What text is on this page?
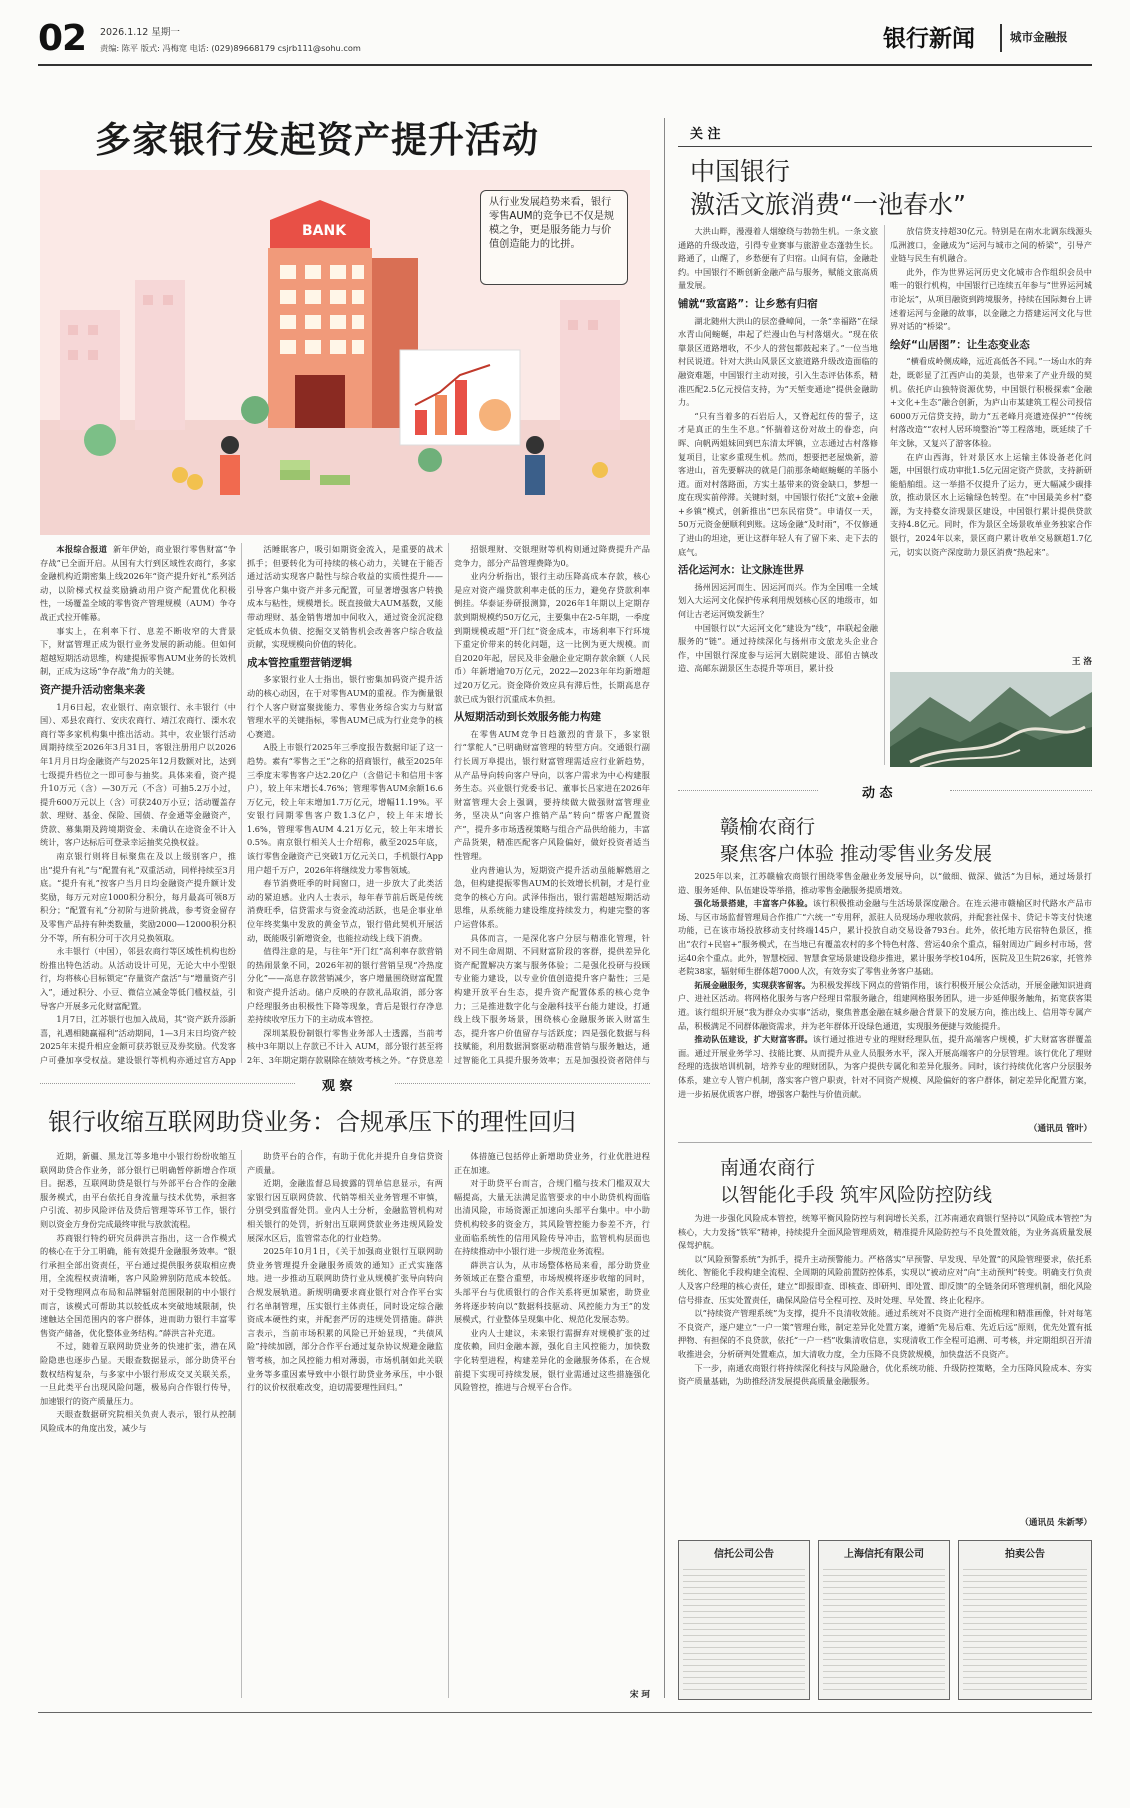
02 2026.1.12 星期一
责编: 陈平 版式: 冯梅宽 电话: (029)89668179 csjrb111@sohu.com	银行新闻	城市金融报
多家银行发起资产提升活动
BANK
从行业发展趋势来看，银行零售AUM的竞争已不仅是规模之争，更是服务能力与价值创造能力的比拼。

本报综合报道 新年伊始，商业银行零售财富“争存战”已全面开启。从国有大行到区域性农商行，多家金融机构近期密集上线2026年“资产提升好礼”系列活动，以阶梯式权益奖励撬动用户资产配置优化积极性，一场覆盖全域的零售资产管理规模（AUM）争夺战正式拉开帷幕。

事实上，在利率下行、息差不断收窄的大背景下，财富管理正成为银行业务发展的新动能。但如何超越短期活动思维，构建提振零售AUM业务的长效机制，正成为这场“争存战”角力的关键。

资产提升活动密集来袭

1月6日起，农业银行、南京银行、永丰银行（中国）、邓县农商行、安庆农商行、靖江农商行、溧水农商行等多家机构集中推出活动。其中，农业银行活动周期持续至2026年3月31日，客银注册用户以2026年1月月日均金融资产与2025年12月数额对比，达到七级提升档位之一即可参与抽奖。具体来看，资产提升10万元（含）—30万元（不含）可抽5.2万小过，提升600万元以上（含）可获240万小豆；活动覆盖存款、理财、基金、保险、国债、存金通等金融资产，贷款、募集期及跨境期资金、未确认在途资金不计入统计，客户达标后可登录幸运抽奖兑换权益。

南京银行则将目标聚焦在及以上级别客户，推出“提升有礼”与“配置有礼”双重活动，同样持续至3月底。“提升有礼”按客户当月日均金融资产提升额计发奖励，每万元对应1000积分积分，每月最高可领8万积分；“配置有礼”分初阶与进阶挑战，参考资金留存及零售产品持有种类数量，奖励2000—12000积分积分不等，所有积分可于次月兑换领取。

永丰银行（中国），邻县农商行等区域性机构也纷纷推出特色活动。从活动设计可见，无论大中小型银行，均将核心目标锁定“存量资产盘活”与“增量资产引入”，通过积分、小豆、微信立减金等低门槛权益，引导客户开展多元化财富配置。

1月7日，江苏银行也加入战局，其“资产跃升添新喜，礼遇相随赢福利”活动期间，1—3月末日均资产较2025年末提升相应金额可获苏银豆及券奖励。代发客户可叠加享受权益。建设银行等机构亦通过官方App

活睡眠客户，吸引如期资金流入，是重要的战术抓手；但要转化为可持续的核心动力，关键在于能否通过活动实现客户黏性与综合收益的实质性提升——引导客户集中资产并多元配置，可显著增强客户转换成本与粘性，规模增长。既直接做大AUM基数，又能带动理财、基金销售增加中间收入，通过资金沉淀稳定低成本负债、挖掘交叉销售机会改善客户综合收益贡献，实现规模向价值的转化。

成本管控重塑营销逻辑

多家银行业人士指出，银行密集加码资产提升活动的核心动因，在于对零售AUM的重视。作为衡量银行个人客户财富聚拢能力、零售业务综合实力与财富管理水平的关键指标，零售AUM已成为行业竞争的核心赛道。

A股上市银行2025年三季度报告数据印证了这一趋势。素有“零售之王”之称的招商银行，截至2025年三季度末零售客户达2.20亿户（含借记卡和信用卡客户），较上年末增长4.76%；管理零售AUM余额16.6万亿元，较上年末增加1.7万亿元，增幅11.19%。平安银行同期零售客户数1.3亿户，较上年末增长1.6%，管理零售AUM 4.21万亿元，较上年末增长0.5%。南京银行相关人士介绍称，截至2025年底，该行零售金融资产已突破1万亿元关口，手机银行App用户超千万户，2026年将继续发力零售领域。

春节消费旺季的时间窗口，进一步放大了此类活动的紧迫感。业内人士表示，每年春节前后既是传统消费旺季，信贷需求与资金流动活跃，也是企事业单位年终奖集中发放的黄金节点，银行借此契机开展活动，既能吸引新增资金，也能拉动线上线下消费。

值得注意的是，与往年“开门红”高利率存款营销的热闹景象不同，2026年初的银行营销呈现“冷热度分化”——高息存款营销减少，客户增量围绕财富配置和资产提升活动。储户反映的存款礼品取消，部分客户经理服务由积极性下降等现象，背后是银行存净息差持续收窄压力下的主动成本管控。

深圳某股份制银行零售业务部人士透露，当前考核中3年期以上存款已不计入 AUM，部分银行甚至将2年、3年期定期存款剔除在绩效考核之外。“存贷息差

招银理财、交银理财等机构则通过降费提升产品竞争力，部分产品管理费降为0。

业内分析指出，银行主动压降高成本存款，核心是应对资产端贷款利率走低的压力，避免存贷款利率倒挂。华泰证券研报测算，2026年1年期以上定期存款到期规模约50万亿元，主要集中在2-5年期，一季度到期规模或超“开门红”资金成本，市场利率下行环境下重定价带来的转化问题，这一比例为更大规模。而自2020年起，居民及非金融企业定期存款余额（人民币）年新增逾70万亿元，2022—2023年年均新增超过20万亿元。资金降价效应具有滞后性，长期高息存款已成为银行沉重成本负担。

从短期活动到长效服务能力构建

在零售AUM竞争日趋激烈的背景下，多家银行“掌舵人”已明确财富管理的转型方向。交通银行副行长周万阜提出，银行财富管理需适应行业新趋势，从产品导向转向客户导向，以客户需求为中心构建服务生态。兴业银行党委书记、董事长吕家进在2026年财富管理大会上强调，要持续做大做强财富管理业务，坚决从“向客户推销产品”转向“帮客户配置资产”，提升多市场透视策略与组合产品供给能力，丰富产品货架，精准匹配客户风险偏好，做好投资者适当性管理。

业内普遍认为，短期资产提升活动虽能解燃眉之急，但构建提振零售AUM的长效增长机制，才是行业竞争的核心方向。武泽伟指出，银行需超越短期活动思维，从系统能力建设维度持续发力，构建完整的客户运营体系。

具体而言，一是深化客户分层与精准化管理，针对不同生命周期、不同财富阶段的客群，提供差异化资产配置解决方案与服务体验；二是强化投研与投顾专业能力建设，以专业价值创造提升客户黏性；三是构建开放平台生态，提升资产配置体系的核心竞争力；三是推进数字化与金融科技平台能力建设，打通线上线下服务场景，围绕核心金融服务嵌入财富生态，提升客户价值留存与活跃度；四是强化数据与科技赋能，利用数据洞察驱动精准营销与服务触达，通过智能化工具提升服务效率；五是加强投资者陪伴与

关 注
中国银行
激活文旅消费“一池春水”

大洪山畔，漫漫着人烟缭绕与勃勃生机。一条文旅通路的升级改造，引得专业赛事与旅游业态蓬勃生长。路通了，山醒了，乡愁便有了归宿。山间有信，金融赴约。中国银行不断创新金融产品与服务，赋能文旅高质量发展。

铺就“致富路”：让乡愁有归宿

湖北随州大洪山的层峦叠嶂间，一条“幸福路”在绿水青山间蜿蜒，串起了烂漫山色与村落烟火。“现在依靠景区道路增收，不少人的营包都鼓起来了。”一位当地村民说道。针对大洪山风景区文旅道路升级改造面临的融资难题，中国银行主动对接，引入生态评估体系，精准匹配2.5亿元授信支持，为“天堑变通途”提供金融助力。

“只有当着多的石岩后人，又脊起红传的誓子，这才是真正的生生不息。”怀揣着这份对故土的眷恋，向晖、向帆两姐妹回到巴东清太坪镇，立志通过古村落修复项目，让家乡重现生机。然而，想要把老屋焕新，游客进山，首先要解决的就是门前那条崎岖蜿蜒的羊肠小道。面对村落路面，方实土基带来的资金缺口，梦想一度在现实前停滞。关键时刻，中国银行依托“文旅+金融+乡镇”模式，创新推出“巴东民宿贷”。申请仅一天，50万元资金便顺利到账。这场金融“及时雨”，不仅修通了进山的坦途，更让这群年轻人有了留下来、走下去的底气。

活化运河水：让文脉连世界

扬州因运河而生、因运河而兴。作为全国唯一全域划入大运河文化保护传承利用规划核心区的地级市，如何让古老运河焕发新生？

中国银行以“大运河文化”建设为“线”，串联起金融服务的“链”。通过持续深化与扬州市文旅龙头企业合作，中国银行深度参与运河大剧院建设、邵伯古镇改造、高邮东湖景区生态提升等项目，累计投

放信贷支持超30亿元。特别是在南水北调东线源头瓜洲渡口，金融成为“运河与城市之间的桥梁”，引导产业链与民生有机融合。

此外，作为世界运河历史文化城市合作组织会员中唯一的银行机构，中国银行已连续五年参与“世界运河城市论坛”，从项目融资到跨境服务，持续在国际舞台上讲述着运河与金融的故事，以金融之力搭建运河文化与世界对话的“桥梁”。

绘好“山居图”：让生态变业态

“横看成岭侧成峰，远近高低各不同。”一场山水的奔赴，既彰显了江西庐山的美景，也带来了产业升级的契机。依托庐山独特资源优势，中国银行积极探索“金融+文化+生态”融合创新，为庐山市某建筑工程公司授信6000万元信贷支持，助力“五老峰月亮遗迹保护”“传统村落改造”“农村人居环境整治”等工程落地，既延续了千年文脉，又复兴了游客体验。

在庐山西海，针对景区水上运输主体设备老化问题，中国银行成功审批1.5亿元固定资产贷款，支持新研能船舶组。这一举措不仅提升了运力，更大幅减少碳排放，推动景区水上运输绿色转型。在“中国最美乡村”婺源，为支持婺女浒现景区建设，中国银行累计提供贷款支持4.8亿元。同时，作为景区全场景收单业务独家合作银行，2024年以来，景区商户累计收单交易额超1.7亿元，切实以资产深度助力景区消费“热起来”。

王 洛
动 态
赣榆农商行
聚焦客户体验 推动零售业务发展

2025年以来，江苏赣榆农商银行围绕零售金融业务发展导向，以“做细、做深、做活”为目标，通过场景打造、服务延伸、队伍建设等举措，推动零售金融服务提质增效。

强化场景搭建，丰富客户体验。该行积极推动金融与生活场景深度融合。在连云港市赣榆区时代路水产品市场、与区市场监督管理局合作推广“六统一”专用秤，派驻人员现场办理收款码，并配套社保卡、贷记卡等支付快速功能，已在该市场投放移动支付终端145户，累计投放自动交易设备793台。此外，依托地方民宿特色景区，推出“农行+民宿+”服务模式，在当地已有覆盖农村的多个特色村落、营运40余个重点，辐射周边广阔乡村市场，营运40余个重点。此外，智慧校园、智慧食堂场景建设稳步推进，累计服务学校104所，医院及卫生院26家，托管养老院38家，辐射师生群体超7000人次，有效夯实了零售业务客户基础。

拓展金融服务，实现获客留客。为积极发挥线下网点的营销作用，该行积极开展公众活动，开展金融知识进商户、进社区活动。将网格化服务与客户经理日常服务融合，组建网格服务团队，进一步延伸服务触角，拓宽获客渠道。该行组织开展“我为群众办实事”活动，聚焦普惠金融在城乡融合背景下的发展方向，推出线上、信用等专属产品，积极满足不同群体融资需求，并为老年群体开设绿色通道，实现服务便捷与效能提升。

推动队伍建设，扩大财富客群。该行通过推进专业的理财经理队伍，提升高端客户规模，扩大财富客群覆盖面。通过开展业务学习、技能比赛、从而提升从业人员服务水平，深入开展高端客户的分层管理。该行优化了理财经理的选拔培训机制，培养专业的理财团队，为客户提供专属化和差异化服务。同时，该行持续优化客户分层服务体系，建立专人管户机制，落实客户管户职责，针对不同资产规模、风险偏好的客户群体，制定差异化配置方案，进一步拓展优质客户群，增强客户黏性与价值贡献。

（通讯员 管叶）
南通农商行
以智能化手段 筑牢风险防控防线

为进一步强化风险成本管控，统筹平衡风险防控与利润增长关系，江苏南通农商银行坚持以“风险成本管控”为核心，大力发扬“铁军”精神，持续提升全面风险管理质效，精准提升风险防控与不良处置效能，为业务高质量发展保驾护航。

以“风险预警系统”为抓手，提升主动预警能力。严格落实“早预警、早发现、早处置”的风险管理要求，依托系统化、智能化手段构建全流程、全周期的风险前置防控体系，实现以“被动应对”向“主动预判”转变。明确支行负责人及客户经理的核心责任，建立“即报即查、即核查、即研判、即处置、即反馈”的全链条闭环管理机制，细化风险信号排查、压实处置责任，确保风险信号全程可控、及时处理、早处置、终止化程序。

以“持续资产管理系统”为支撑，提升不良清收效能。通过系统对不良资产进行全面梳理和精准画像，针对每笔不良资产，逐户建立“一户一策”管理台账，制定差异化处置方案，遵循“先易后难、先近后远”原则，优先处置有抵押物、有担保的不良贷款，依托“一户一档”收集清收信息，实现清收工作全程可追溯、可考核，并定期组织召开清收推进会，分析研判处置难点，加大清收力度，全力压降不良贷款规模，加快盘活不良资产。

下一步，南通农商银行将持续深化科技与风险融合，优化系统功能、升级防控策略，全力压降风险成本、夯实资产质量基础，为助推经济发展提供高质量金融服务。

（通讯员 朱新琴）
观 察
银行收缩互联网助贷业务：合规承压下的理性回归

近期，新疆、黑龙江等多地中小银行纷纷收缩互联网助贷合作业务，部分银行已明确暂停新增合作项目。据悉，互联网助贷是银行与外部平台合作的金融服务模式，由平台依托自身流量与技术优势，承担客户引流、初步风险评估及贷后管理等环节工作，银行则以资金方身份完成最终审批与放款流程。

苏商银行特约研究员薛洪言指出，这一合作模式的核心在于分工明确，能有效提升金融服务效率。“银行承担全部出资责任，平台通过提供服务获取相应费用，全流程权责清晰，客户风险辨别防范成本较低。对于受物理网点布局和品牌辐射范围限制的中小银行而言，该模式可帮助其以较低成本突破地域限制，快速触达全国范围内的客户群体，进而助力银行丰富零售资产储备，优化整体业务结构。”薛洪言补充道。

不过，随着互联网助贷业务的快速扩张，潜在风险隐患也逐步凸显。天眼查数据显示，部分助贷平台数权结构复杂，与多家中小银行形成交叉关联关系，一旦此类平台出现风险问题，极易向合作银行传导，加速银行的资产质量压力。

天眼查数据研究院相关负责人表示，银行从控制风险成本的角度出发，减少与

助贷平台的合作，有助于优化并提升自身信贷资产质量。

近期，金融监督总局披露的罚单信息显示，有两家银行因互联网贷款、代销等相关业务管理不审慎，分别受到监督处罚。业内人士分析，金融监管机构对相关银行的处罚，折射出互联网贷款业务违规风险发展深水区后，监管常态化的行业趋势。

2025年10月1日，《关于加强商业银行互联网助贷业务管理提升金融服务质效的通知》正式实施落地。进一步推动互联网助贷行业从规模扩张导向转向合规发展轨道。新规明确要求商业银行对合作平台实行名单制管理，压实银行主体责任，同时设定综合融资成本硬性约束，并配套严厉的违规处罚措施。薛洪言表示，当前市场积累的风险已开始显现，“共债风险”持续加剧，部分合作平台通过复杂协议规避金融监管考核，加之风控能力相对薄弱，市场机制如此关联业务等多重因素导致中小银行助贷业务承压，中小银行的议价权很难改变，迫切需要理性回归。”

体措施已包括停止新增助贷业务，行业优胜进程正在加速。

对于助贷平台而言，合规门槛与技术门槛双双大幅提高，大量无法满足监管要求的中小助贷机构面临出清风险，市场资源正加速向头部平台集中。中小助贷机构较多的资金方，其风险管控能力参差不齐，行业面临系统性的信用风险传导冲击，监管机构层面也在持续推动中小银行进一步规范业务流程。

薛洪言认为，从市场整体格局来看，部分助贷业务领域正在整合重塑，市场规模将逐步收缩的同时，头部平台与优质银行的合作关系将更加紧密，助贷业务将逐步转向以“数据科技驱动、风控能力为王”的发展模式，行业整体呈现集中化、规范化发展态势。

业内人士建议，未来银行需摒弃对规模扩张的过度依赖，回归金融本源，强化自主风控能力，加快数字化转型进程，构建差异化的金融服务体系，在合规前提下实现可持续发展，银行业需通过这些措施强化风险管控，推进与合规平台合作。

宋 珂
信托公司公告	上海信托有限公司	拍卖公告
